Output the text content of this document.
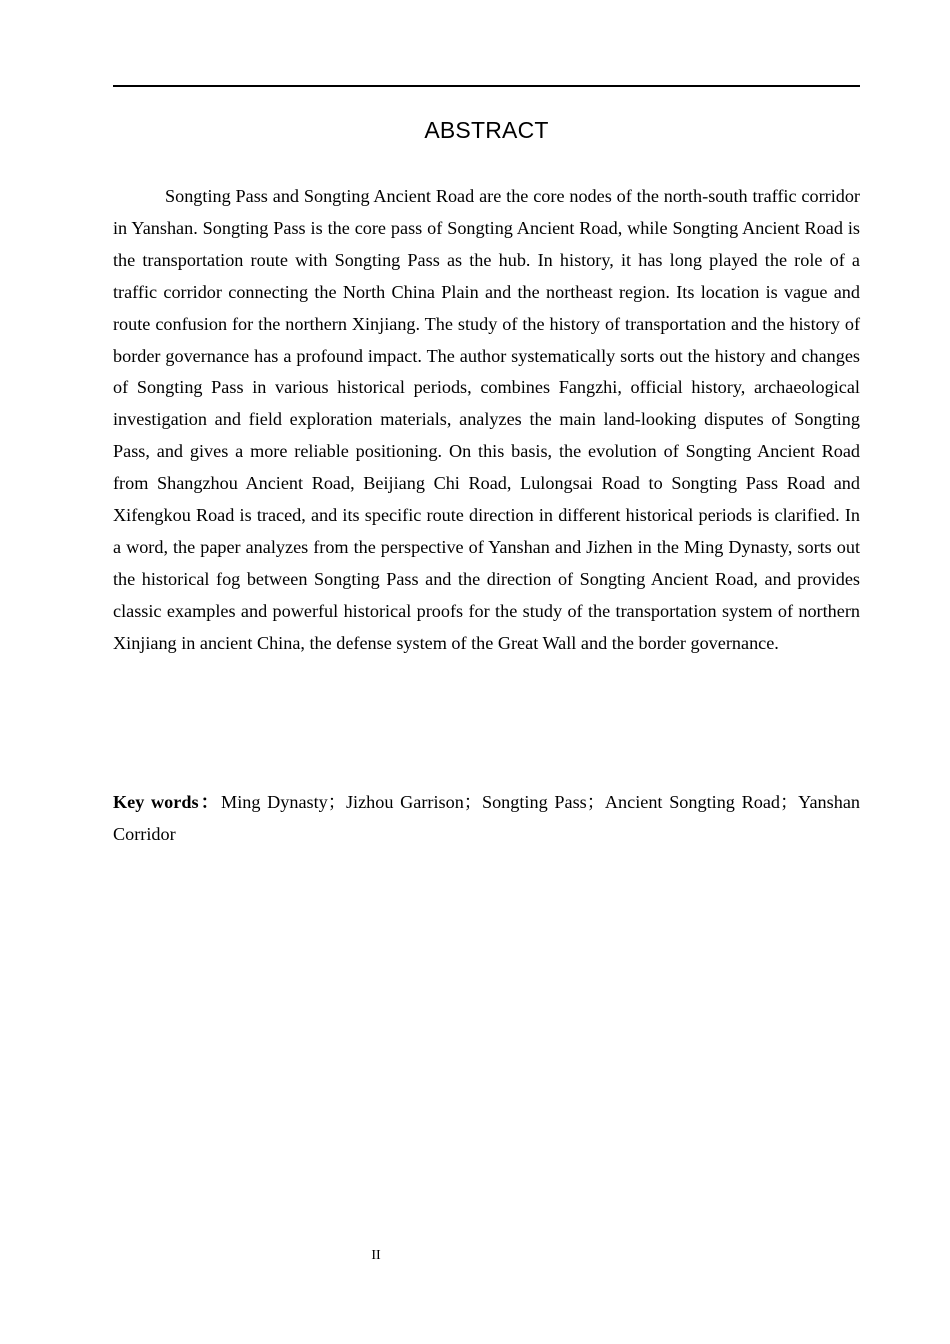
ABSTRACT

Songting Pass and Songting Ancient Road are the core nodes of the north-south traffic corridor in Yanshan. Songting Pass is the core pass of Songting Ancient Road, while Songting Ancient Road is the transportation route with Songting Pass as the hub. In history, it has long played the role of a traffic corridor connecting the North China Plain and the northeast region. Its location is vague and route confusion for the northern Xinjiang. The study of the history of transportation and the history of border governance has a profound impact. The author systematically sorts out the history and changes of Songting Pass in various historical periods, combines Fangzhi, official history, archaeological investigation and field exploration materials, analyzes the main land-looking disputes of Songting Pass, and gives a more reliable positioning. On this basis, the evolution of Songting Ancient Road from Shangzhou Ancient Road, Beijiang Chi Road, Lulongsai Road to Songting Pass Road and Xifengkou Road is traced, and its specific route direction in different historical periods is clarified. In a word, the paper analyzes from the perspective of Yanshan and Jizhen in the Ming Dynasty, sorts out the historical fog between Songting Pass and the direction of Songting Ancient Road, and provides classic examples and powerful historical proofs for the study of the transportation system of northern Xinjiang in ancient China, the defense system of the Great Wall and the border governance.

Key words：Ming Dynasty；Jizhou Garrison；Songting Pass；Ancient Songting Road；Yanshan Corridor

II
